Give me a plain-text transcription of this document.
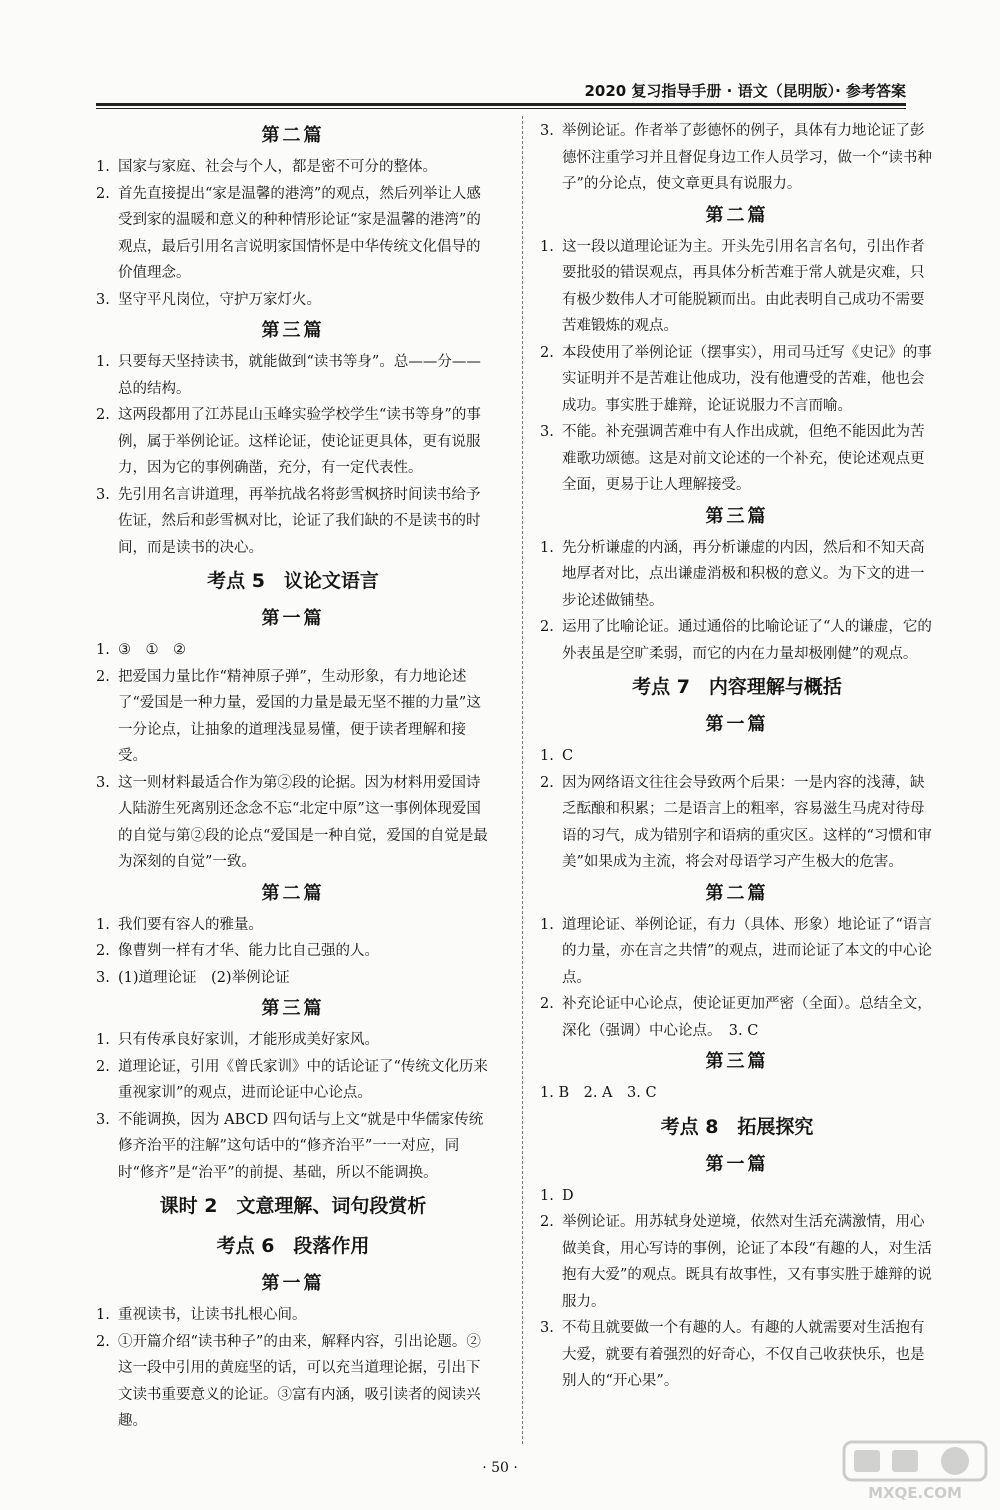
2020 复习指导手册 · 语文（昆明版）· 参考答案
第二篇
1. 国家与家庭、社会与个人，都是密不可分的整体。
2. 首先直接提出“家是温馨的港湾”的观点，然后列举让人感受到家的温暖和意义的种种情形论证“家是温馨的港湾”的观点，最后引用名言说明家国情怀是中华传统文化倡导的价值理念。
3. 坚守平凡岗位，守护万家灯火。
第三篇
1. 只要每天坚持读书，就能做到“读书等身”。总——分——总的结构。
2. 这两段都用了江苏昆山玉峰实验学校学生“读书等身”的事例，属于举例论证。这样论证，使论证更具体，更有说服力，因为它的事例确凿，充分，有一定代表性。
3. 先引用名言讲道理，再举抗战名将彭雪枫挤时间读书给予佐证，然后和彭雪枫对比，论证了我们缺的不是读书的时间，而是读书的决心。
考点 5　议论文语言
第一篇
1. ③　①　②
2. 把爱国力量比作“精神原子弹”，生动形象，有力地论述了“爱国是一种力量，爱国的力量是最无坚不摧的力量”这一分论点，让抽象的道理浅显易懂，便于读者理解和接受。
3. 这一则材料最适合作为第②段的论据。因为材料用爱国诗人陆游生死离别还念念不忘“北定中原”这一事例体现爱国的自觉与第②段的论点“爱国是一种自觉，爱国的自觉是最为深刻的自觉”一致。
第二篇
1. 我们要有容人的雅量。
2. 像曹刿一样有才华、能力比自己强的人。
3. (1)道理论证　(2)举例论证
第三篇
1. 只有传承良好家训，才能形成美好家风。
2. 道理论证，引用《曾氏家训》中的话论证了“传统文化历来重视家训”的观点，进而论证中心论点。
3. 不能调换，因为 ABCD 四句话与上文“就是中华儒家传统修齐治平的注解”这句话中的“修齐治平”一一对应，同时“修齐”是“治平”的前提、基础，所以不能调换。
课时 2　文意理解、词句段赏析
考点 6　段落作用
第一篇
1. 重视读书，让读书扎根心间。
2. ①开篇介绍“读书种子”的由来，解释内容，引出论题。②这一段中引用的黄庭坚的话，可以充当道理论据，引出下文读书重要意义的论证。③富有内涵，吸引读者的阅读兴趣。
3. 举例论证。作者举了彭德怀的例子，具体有力地论证了彭德怀注重学习并且督促身边工作人员学习，做一个“读书种子”的分论点，使文章更具有说服力。
第二篇
1. 这一段以道理论证为主。开头先引用名言名句，引出作者要批驳的错误观点，再具体分析苦难于常人就是灾难，只有极少数伟人才可能脱颖而出。由此表明自己成功不需要苦难锻炼的观点。
2. 本段使用了举例论证（摆事实），用司马迁写《史记》的事实证明并不是苦难让他成功，没有他遭受的苦难，他也会成功。事实胜于雄辩，论证说服力不言而喻。
3. 不能。补充强调苦难中有人作出成就，但绝不能因此为苦难歌功颂德。这是对前文论述的一个补充，使论述观点更全面，更易于让人理解接受。
第三篇
1. 先分析谦虚的内涵，再分析谦虚的内因，然后和不知天高地厚者对比，点出谦虚消极和积极的意义。为下文的进一步论述做铺垫。
2. 运用了比喻论证。通过通俗的比喻论证了“人的谦虚，它的外表虽是空旷柔弱，而它的内在力量却极刚健”的观点。
考点 7　内容理解与概括
第一篇
1. C
2. 因为网络语文往往会导致两个后果：一是内容的浅薄，缺乏酝酿和积累；二是语言上的粗率，容易滋生马虎对待母语的习气，成为错别字和语病的重灾区。这样的“习惯和审美”如果成为主流，将会对母语学习产生极大的危害。
第二篇
1. 道理论证、举例论证，有力（具体、形象）地论证了“语言的力量，亦在言之共情”的观点，进而论证了本文的中心论点。
2. 补充论证中心论点，使论证更加严密（全面）。总结全文，深化（强调）中心论点。　3. C
第三篇
1. B　2. A　3. C
考点 8　拓展探究
第一篇
1. D
2. 举例论证。用苏轼身处逆境，依然对生活充满激情，用心做美食，用心写诗的事例，论证了本段“有趣的人，对生活抱有大爱”的观点。既具有故事性，又有事实胜于雄辩的说服力。
3. 不苟且就要做一个有趣的人。有趣的人就需要对生活抱有大爱，就要有着强烈的好奇心，不仅自己收获快乐，也是别人的“开心果”。
· 50 ·
MXQE.COM
